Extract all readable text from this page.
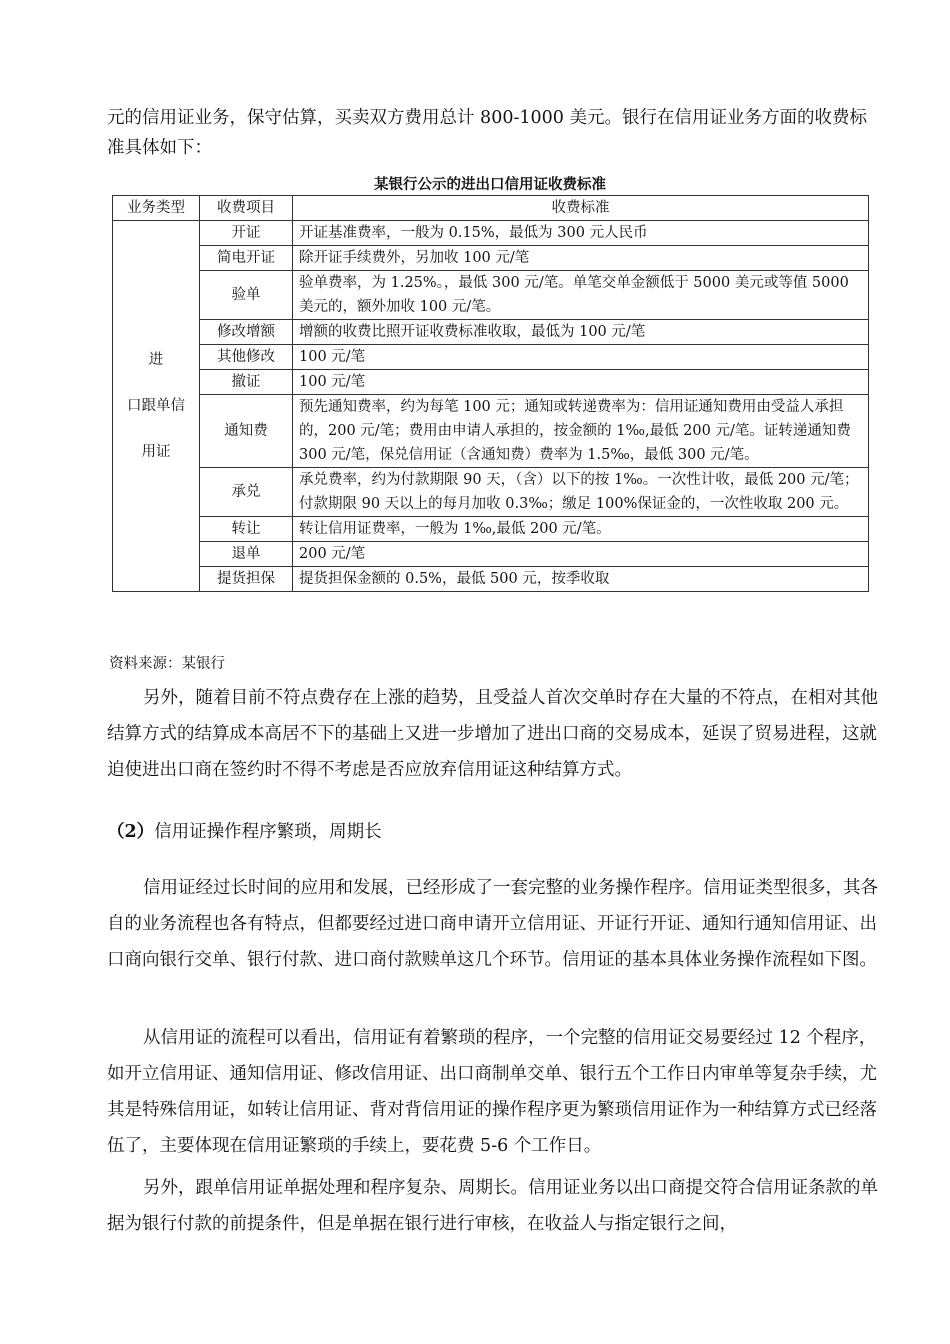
元的信用证业务，保守估算，买卖双方费用总计 800-1000 美元。银行在信用证业务方面的收费标准具体如下：

某银行公示的进出口信用证收费标准
业务类型	收费项目	收费标准

进
口跟单信
用证	开证	开证基准费率，一般为 0.15%，最低为 300 元人民币
	简电开证	除开证手续费外，另加收 100 元/笔
	验单	验单费率，为 1.25%。，最低 300 元/笔。单笔交单金额低于 5000 美元或等值 5000 美元的，额外加收 100 元/笔。
	修改增额	增额的收费比照开证收费标准收取，最低为 100 元/笔
	其他修改	100 元/笔
	撤证	100 元/笔
	通知费	预先通知费率，约为每笔 100 元；通知或转递费率为：信用证通知费用由受益人承担的，200 元/笔；费用由申请人承担的，按金额的 1‰,最低 200 元/笔。证转递通知费 300 元/笔，保兑信用证（含通知费）费率为 1.5‰，最低 300 元/笔。
	承兑	承兑费率，约为付款期限 90 天，（含）以下的按 1‰。一次性计收，最低 200 元/笔；付款期限 90 天以上的每月加收 0.3‰；缴足 100%保证金的，一次性收取 200 元。
	转让	转让信用证费率，一般为 1‰,最低 200 元/笔。
	退单	200 元/笔
	提货担保	提货担保金额的 0.5%，最低 500 元，按季收取
资料来源：某银行

另外，随着目前不符点费存在上涨的趋势，且受益人首次交单时存在大量的不符点，在相对其他结算方式的结算成本高居不下的基础上又进一步增加了进出口商的交易成本，延误了贸易进程，这就迫使进出口商在签约时不得不考虑是否应放弃信用证这种结算方式。

（2）信用证操作程序繁琐，周期长

信用证经过长时间的应用和发展，已经形成了一套完整的业务操作程序。信用证类型很多，其各自的业务流程也各有特点，但都要经过进口商申请开立信用证、开证行开证、通知行通知信用证、出口商向银行交单、银行付款、进口商付款赎单这几个环节。信用证的基本具体业务操作流程如下图。

从信用证的流程可以看出，信用证有着繁琐的程序，一个完整的信用证交易要经过 12 个程序，如开立信用证、通知信用证、修改信用证、出口商制单交单、银行五个工作日内审单等复杂手续，尤其是特殊信用证，如转让信用证、背对背信用证的操作程序更为繁琐信用证作为一种结算方式已经落伍了，主要体现在信用证繁琐的手续上，要花费 5-6 个工作日。

另外，跟单信用证单据处理和程序复杂、周期长。信用证业务以出口商提交符合信用证条款的单据为银行付款的前提条件，但是单据在银行进行审核，在收益人与指定银行之间，
